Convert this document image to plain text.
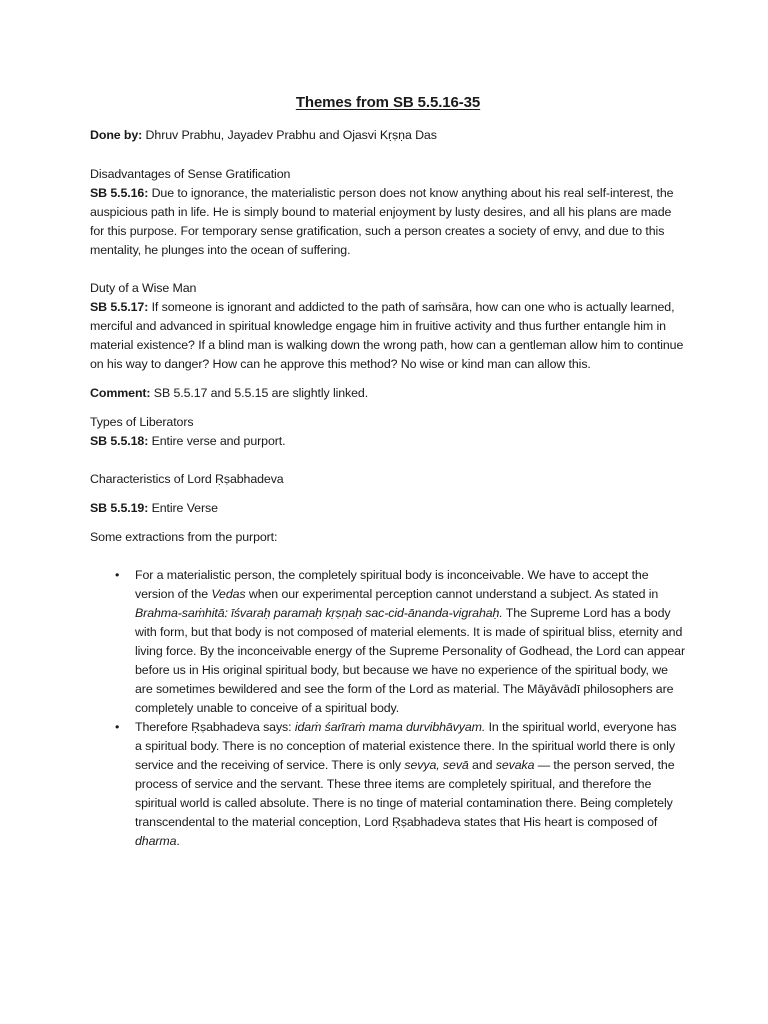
Themes from SB 5.5.16-35

Done by: Dhruv Prabhu, Jayadev Prabhu and Ojasvi Kṛṣṇa Das

Disadvantages of Sense Gratification

SB 5.5.16: Due to ignorance, the materialistic person does not know anything about his real self-interest, the auspicious path in life. He is simply bound to material enjoyment by lusty desires, and all his plans are made for this purpose. For temporary sense gratification, such a person creates a society of envy, and due to this mentality, he plunges into the ocean of suffering.

Duty of a Wise Man

SB 5.5.17: If someone is ignorant and addicted to the path of saṁsāra, how can one who is actually learned, merciful and advanced in spiritual knowledge engage him in fruitive activity and thus further entangle him in material existence? If a blind man is walking down the wrong path, how can a gentleman allow him to continue on his way to danger? How can he approve this method? No wise or kind man can allow this.

Comment: SB 5.5.17 and 5.5.15 are slightly linked.

Types of Liberators

SB 5.5.18: Entire verse and purport.

Characteristics of Lord Ṛṣabhadeva

SB 5.5.19: Entire Verse

Some extractions from the purport:

• For a materialistic person, the completely spiritual body is inconceivable. We have to accept the version of the Vedas when our experimental perception cannot understand a subject. As stated in Brahma-saṁhitā: īśvaraḥ paramaḥ kṛṣṇaḥ sac-cid-ānanda-vigrahaḥ. The Supreme Lord has a body with form, but that body is not composed of material elements. It is made of spiritual bliss, eternity and living force. By the inconceivable energy of the Supreme Personality of Godhead, the Lord can appear before us in His original spiritual body, but because we have no experience of the spiritual body, we are sometimes bewildered and see the form of the Lord as material. The Māyāvādī philosophers are completely unable to conceive of a spiritual body.
• Therefore Ṛṣabhadeva says: idaṁ śarīraṁ mama durvibhāvyam. In the spiritual world, everyone has a spiritual body. There is no conception of material existence there. In the spiritual world there is only service and the receiving of service. There is only sevya, sevā and sevaka — the person served, the process of service and the servant. These three items are completely spiritual, and therefore the spiritual world is called absolute. There is no tinge of material contamination there. Being completely transcendental to the material conception, Lord Ṛṣabhadeva states that His heart is composed of dharma.
